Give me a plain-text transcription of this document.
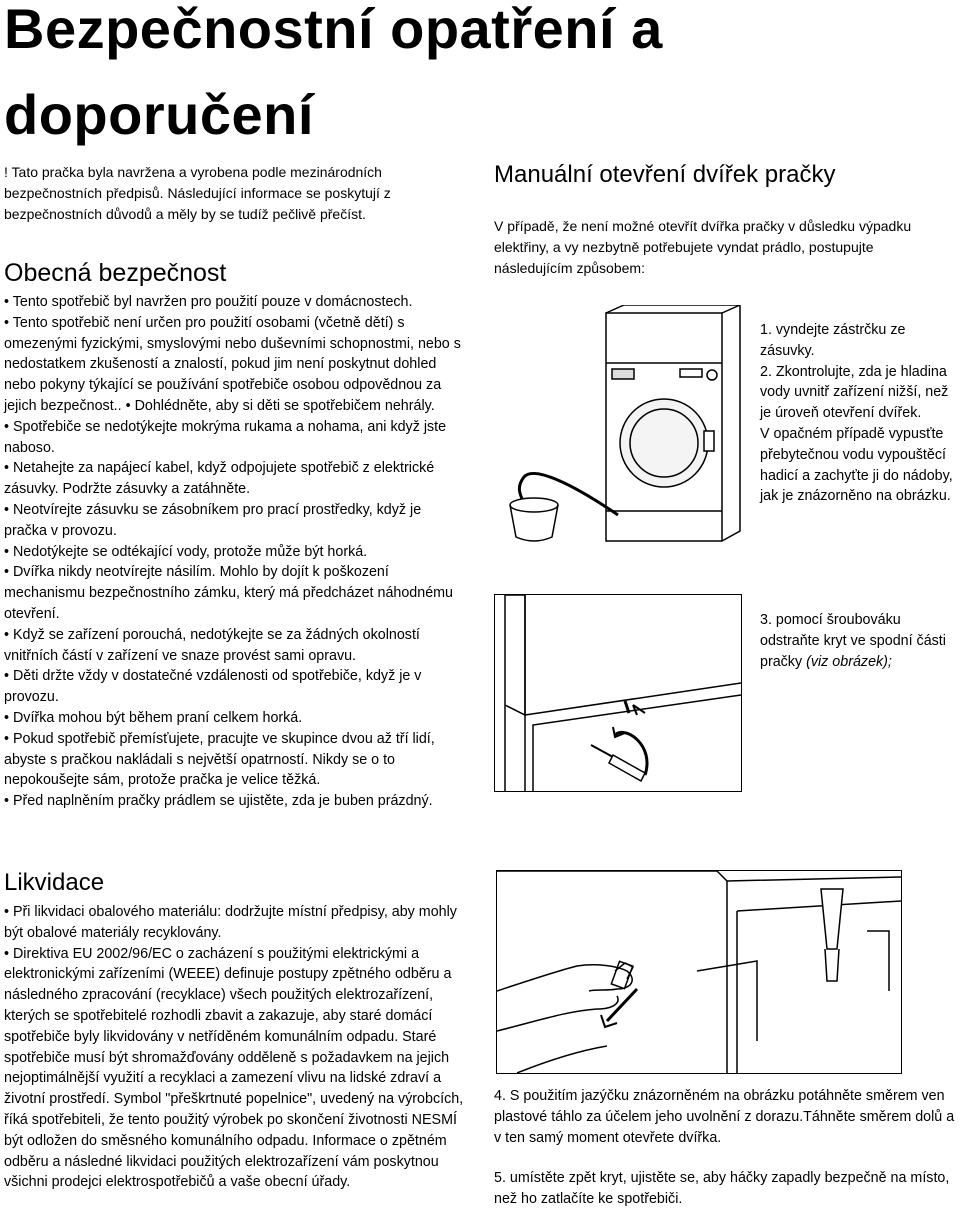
Bezpečnostní opatření a
doporučení
! Tato pračka byla navržena a vyrobena podle mezinárodních bezpečnostních předpisů. Následující informace se poskytují z bezpečnostních důvodů a měly by se tudíž pečlivě přečíst.
Obecná bezpečnost
• Tento spotřebič byl navržen pro použití pouze v domácnostech.
• Tento spotřebič není určen pro použití osobami (včetně dětí) s omezenými fyzickými, smyslovými nebo duševními schopnostmi, nebo s nedostatkem zkušeností a znalostí, pokud jim není poskytnut dohled nebo pokyny týkající se používání spotřebiče osobou odpovědnou za jejich bezpečnost.. • Dohlédněte, aby si děti se spotřebičem nehrály.
• Spotřebiče se nedotýkejte mokrýma rukama a nohama, ani když jste naboso.
• Netahejte za napájecí kabel, když odpojujete spotřebič z elektrické zásuvky. Podržte zásuvky a zatáhněte.
• Neotvírejte zásuvku se zásobníkem pro prací prostředky, když je pračka v provozu.
• Nedotýkejte se odtékající vody, protože může být horká.
• Dvířka nikdy neotvírejte násilím. Mohlo by dojít k poškození mechanismu bezpečnostního zámku, který má předcházet náhodnému otevření.
• Když se zařízení porouchá, nedotýkejte se za žádných okolností vnitřních částí v zařízení ve snaze provést sami opravu.
• Děti držte vždy v dostatečné vzdálenosti od spotřebiče, když je v provozu.
• Dvířka mohou být během praní celkem horká.
• Pokud spotřebič přemísťujete, pracujte ve skupince dvou až tří lidí, abyste s pračkou nakládali s největší opatrností. Nikdy se o to nepokoušejte sám, protože pračka je velice těžká.
• Před naplněním pračky prádlem se ujistěte, zda je buben prázdný.
Likvidace
• Při likvidaci obalového materiálu: dodržujte místní předpisy, aby mohly být obalové materiály recyklovány.
• Direktiva EU 2002/96/EC o zacházení s použitými elektrickými a elektronickými zařízeními (WEEE) definuje postupy zpětného odběru a následného zpracování (recyklace) všech použitých elektrozařízení, kterých se spotřebitelé rozhodli zbavit a zakazuje, aby staré domácí spotřebiče byly likvidovány v netříděném komunálním odpadu. Staré spotřebiče musí být shromažďovány odděleně s požadavkem na jejich nejoptimálnější využití a recyklaci a zamezení vlivu na lidské zdraví a životní prostředí. Symbol "přeškrtnuté popelnice", uvedený na výrobcích, říká spotřebiteli, že tento použitý výrobek po skončení životnosti NESMÍ být odložen do směsného komunálního odpadu. Informace o zpětném odběru a následné likvidaci použitých elektrozařízení vám poskytnou všichni prodejci elektrospotřebičů a vaše obecní úřady.
Manuální otevření dvířek pračky
V případě, že není možné otevřít dvířka pračky v důsledku výpadku elektřiny, a vy nezbytně potřebujete vyndat prádlo, postupujte následujícím způsobem:

1. vyndejte zástrčku ze zásuvky.

2. Zkontrolujte, zda je hladina vody uvnitř zařízení nižší, než je úroveň otevření dvířek.

V opačném případě vypusťte přebytečnou vodu vypouštěcí hadicí a zachyťte ji do nádoby, jak je znázorněno na obrázku.

3. pomocí šroubováku odstraňte kryt ve spodní části pračky (viz obrázek);
4. S použitím jazýčku znázorněném na obrázku potáhněte směrem ven plastové táhlo za účelem jeho uvolnění z dorazu.Táhněte směrem dolů a v ten samý moment otevřete dvířka.
5. umístěte zpět kryt, ujistěte se, aby háčky zapadly bezpečně na místo, než ho zatlačíte ke spotřebiči.
